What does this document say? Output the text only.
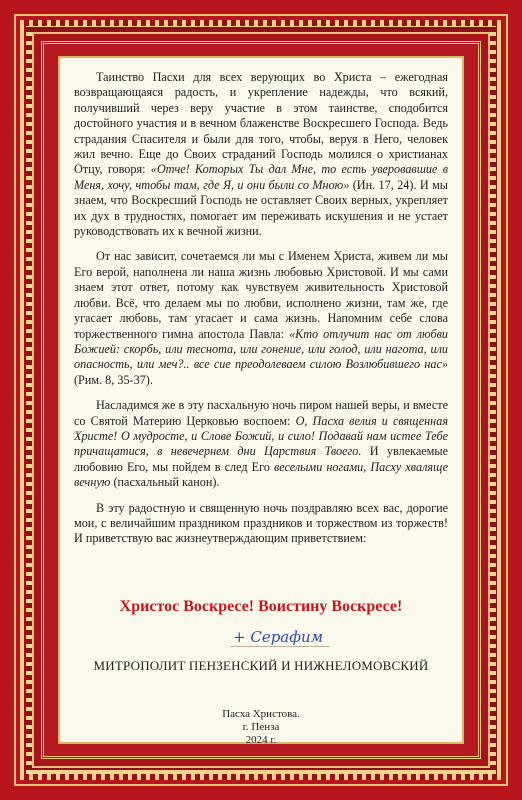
Таинство Пасхи для всех верующих во Христа – ежегодная возвращающаяся радость, и укрепление надежды, что всякий, получивший через веру участие в этом таинстве, сподобится достойного участия и в вечном блаженстве Воскресшего Господа. Ведь страдания Спасителя и были для того, чтобы, веруя в Него, человек жил вечно. Еще до Своих страданий Господь молился о христианах Отцу, говоря: «Отче! Которых Ты дал Мне, то есть уверовавшие в Меня, хочу, чтобы там, где Я, и они были со Мною» (Ин. 17, 24). И мы знаем, что Воскресший Господь не оставляет Своих верных, укрепляет их дух в трудностях, помогает им переживать искушения и не устает руководствовать их к вечной жизни.

От нас зависит, сочетаемся ли мы с Именем Христа, живем ли мы Его верой, наполнена ли наша жизнь любовью Христовой. И мы сами знаем этот ответ, потому как чувствуем живительность Христовой любви. Всё, что делаем мы по любви, исполнено жизни, там же, где угасает любовь, там угасает и сама жизнь. Напомним себе слова торжественного гимна апостола Павла: «Кто отлучит нас от любви Божией: скорбь, или теснота, или гонение, или голод, или нагота, или опасность, или меч?.. все сие преодолеваем силою Возлюбившего нас» (Рим. 8, 35-37).

Насладимся же в эту пасхальную ночь пиром нашей веры, и вместе со Святой Материю Церковью воспоем: О, Пасха велия и священная Христе! О мудросте, и Слове Божий, и сило! Подавай нам истее Тебе причащатися, в невечернем дни Царствия Твоего. И увлекаемые любовию Его, мы пойдем в след Его веселыми ногами, Пасху хваляще вечную (пасхальный канон).

В эту радостную и священную ночь поздравляю всех вас, дорогие мои, с величайшим праздником праздников и торжеством из торжеств! И приветствую вас жизнеутверждающим приветствием:

Христос Воскресе! Воистину Воскресе!
+ Серафим
МИТРОПОЛИТ ПЕНЗЕНСКИЙ И НИЖНЕЛОМОВСКИЙ
Пасха Христова.
г. Пенза
2024 г.
